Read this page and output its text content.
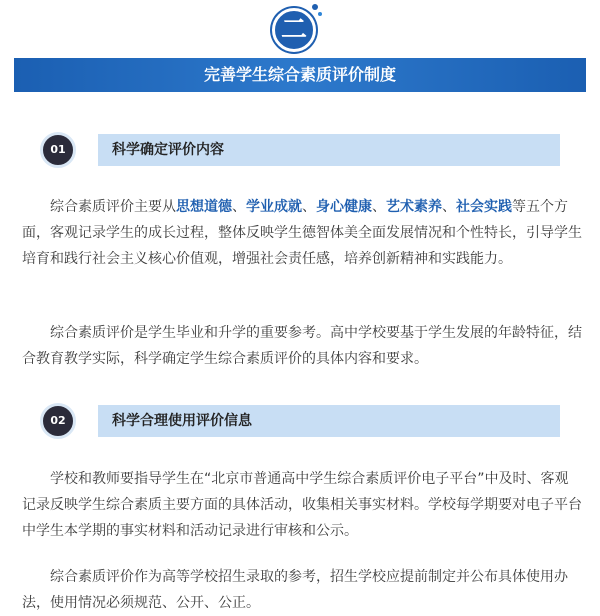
二
完善学生综合素质评价制度
科学确定评价内容
01

综合素质评价主要从思想道德、学业成就、身心健康、艺术素养、社会实践等五个方面，客观记录学生的成长过程，整体反映学生德智体美全面发展情况和个性特长，引导学生培育和践行社会主义核心价值观，增强社会责任感，培养创新精神和实践能力。

综合素质评价是学生毕业和升学的重要参考。高中学校要基于学生发展的年龄特征，结合教育教学实际，科学确定学生综合素质评价的具体内容和要求。

科学合理使用评价信息
02

学校和教师要指导学生在“北京市普通高中学生综合素质评价电子平台”中及时、客观记录反映学生综合素质主要方面的具体活动，收集相关事实材料。学校每学期要对电子平台中学生本学期的事实材料和活动记录进行审核和公示。

综合素质评价作为高等学校招生录取的参考，招生学校应提前制定并公布具体使用办法，使用情况必须规范、公开、公正。
